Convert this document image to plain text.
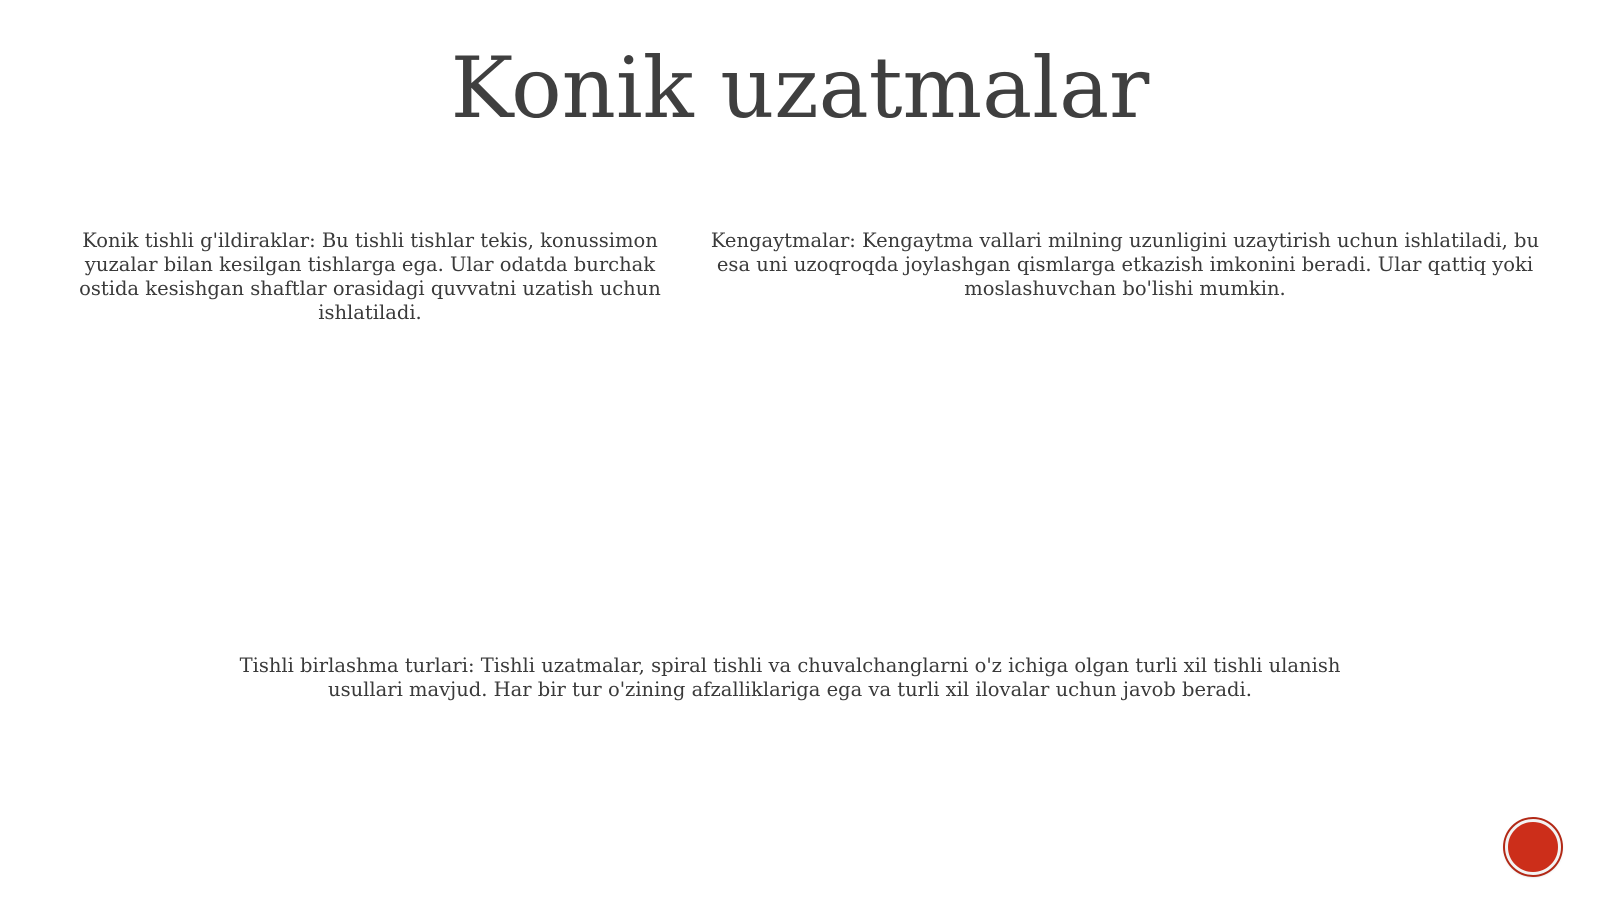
Konik uzatmalar
Konik tishli g'ildiraklar: Bu tishli tishlar tekis, konussimon yuzalar bilan kesilgan tishlarga ega. Ular odatda burchak ostida kesishgan shaftlar orasidagi quvvatni uzatish uchun ishlatiladi.
Kengaytmalar: Kengaytma vallari milning uzunligini uzaytirish uchun ishlatiladi, bu esa uni uzoqroqda joylashgan qismlarga etkazish imkonini beradi. Ular qattiq yoki moslashuvchan bo'lishi mumkin.
Tishli birlashma turlari: Tishli uzatmalar, spiral tishli va chuvalchanglarni o'z ichiga olgan turli xil tishli ulanish usullari mavjud. Har bir tur o'zining afzalliklariga ega va turli xil ilovalar uchun javob beradi.
